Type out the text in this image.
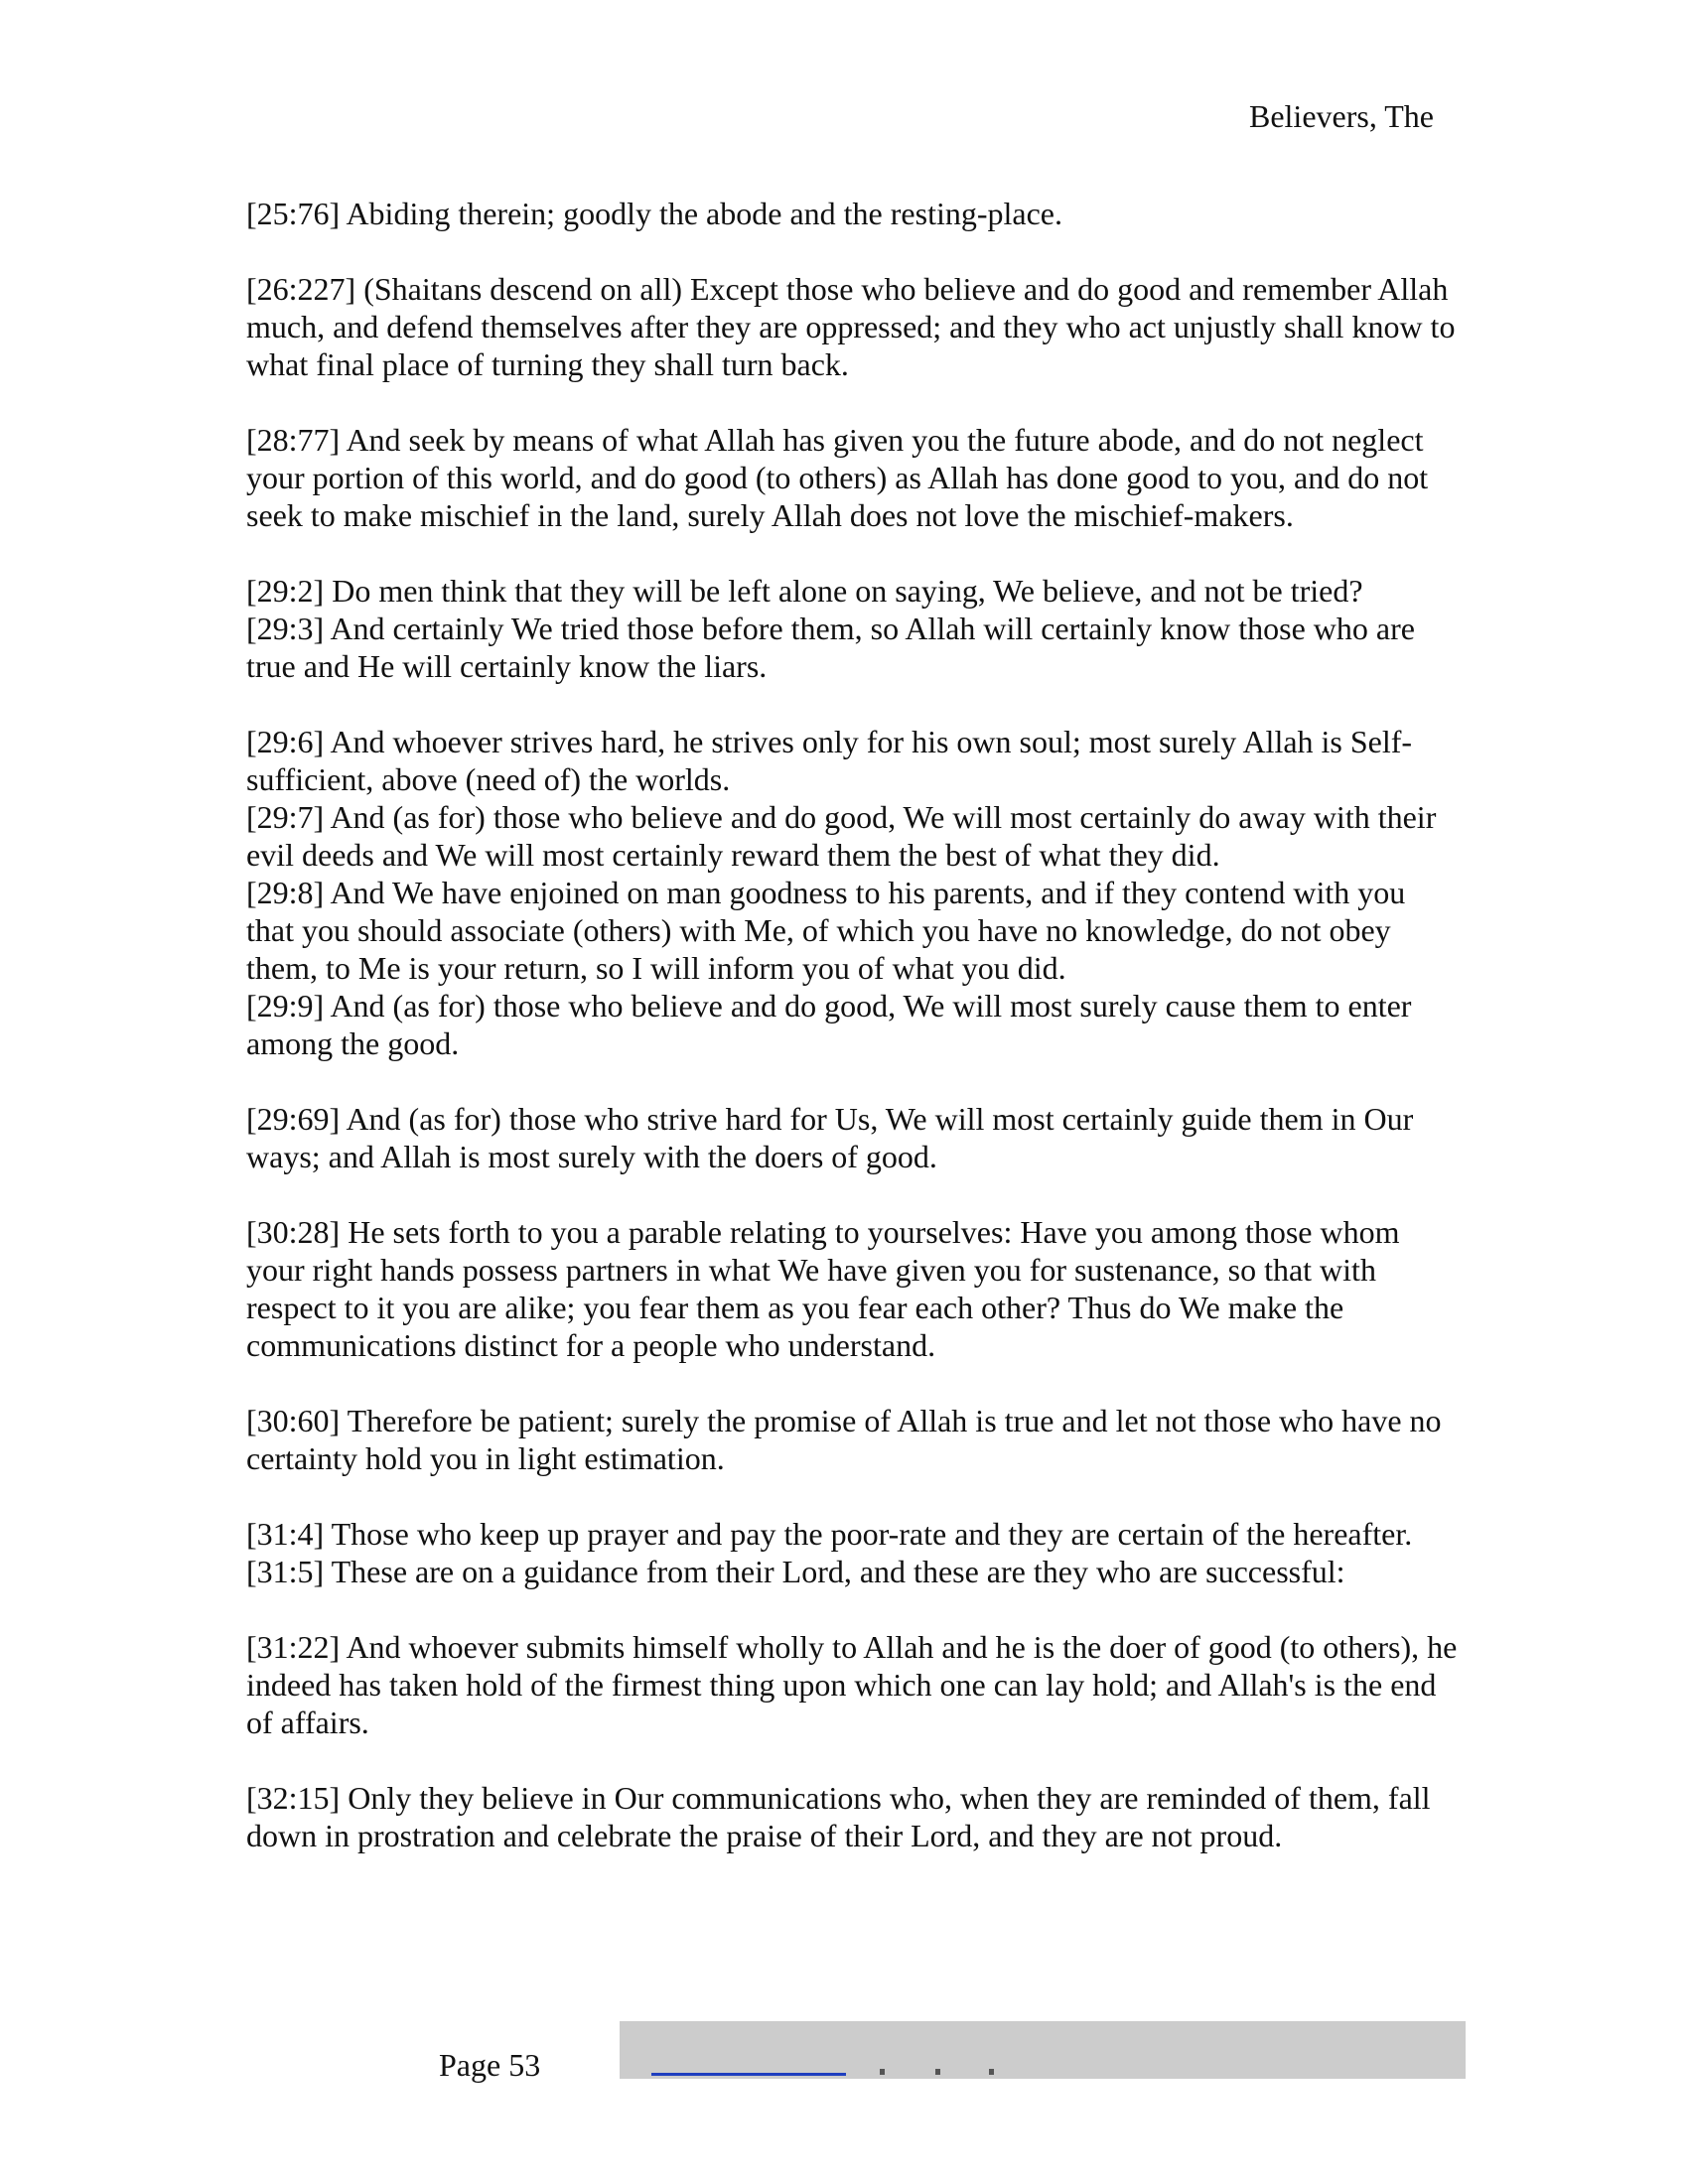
Believers, The

[25:76] Abiding therein; goodly the abode and the resting-place.

[26:227] (Shaitans descend on all) Except those who believe and do good and remember Allah much, and defend themselves after they are oppressed; and they who act unjustly shall know to what final place of turning they shall turn back.

[28:77] And seek by means of what Allah has given you the future abode, and do not neglect your portion of this world, and do good (to others) as Allah has done good to you, and do not seek to make mischief in the land, surely Allah does not love the mischief-makers.

[29:2] Do men think that they will be left alone on saying, We believe, and not be tried?

[29:3] And certainly We tried those before them, so Allah will certainly know those who are true and He will certainly know the liars.

[29:6] And whoever strives hard, he strives only for his own soul; most surely Allah is Self-sufficient, above (need of) the worlds.

[29:7] And (as for) those who believe and do good, We will most certainly do away with their evil deeds and We will most certainly reward them the best of what they did.

[29:8] And We have enjoined on man goodness to his parents, and if they contend with you that you should associate (others) with Me, of which you have no knowledge, do not obey them, to Me is your return, so I will inform you of what you did.

[29:9] And (as for) those who believe and do good, We will most surely cause them to enter among the good.

[29:69] And (as for) those who strive hard for Us, We will most certainly guide them in Our ways; and Allah is most surely with the doers of good.

[30:28] He sets forth to you a parable relating to yourselves: Have you among those whom your right hands possess partners in what We have given you for sustenance, so that with respect to it you are alike; you fear them as you fear each other? Thus do We make the communications distinct for a people who understand.

[30:60] Therefore be patient; surely the promise of Allah is true and let not those who have no certainty hold you in light estimation.

[31:4] Those who keep up prayer and pay the poor-rate and they are certain of the hereafter.

[31:5] These are on a guidance from their Lord, and these are they who are successful:

[31:22] And whoever submits himself wholly to Allah and he is the doer of good (to others), he indeed has taken hold of the firmest thing upon which one can lay hold; and Allah's is the end of affairs.

[32:15] Only they believe in Our communications who, when they are reminded of them, fall down in prostration and celebrate the praise of their Lord, and they are not proud.

Page 53
